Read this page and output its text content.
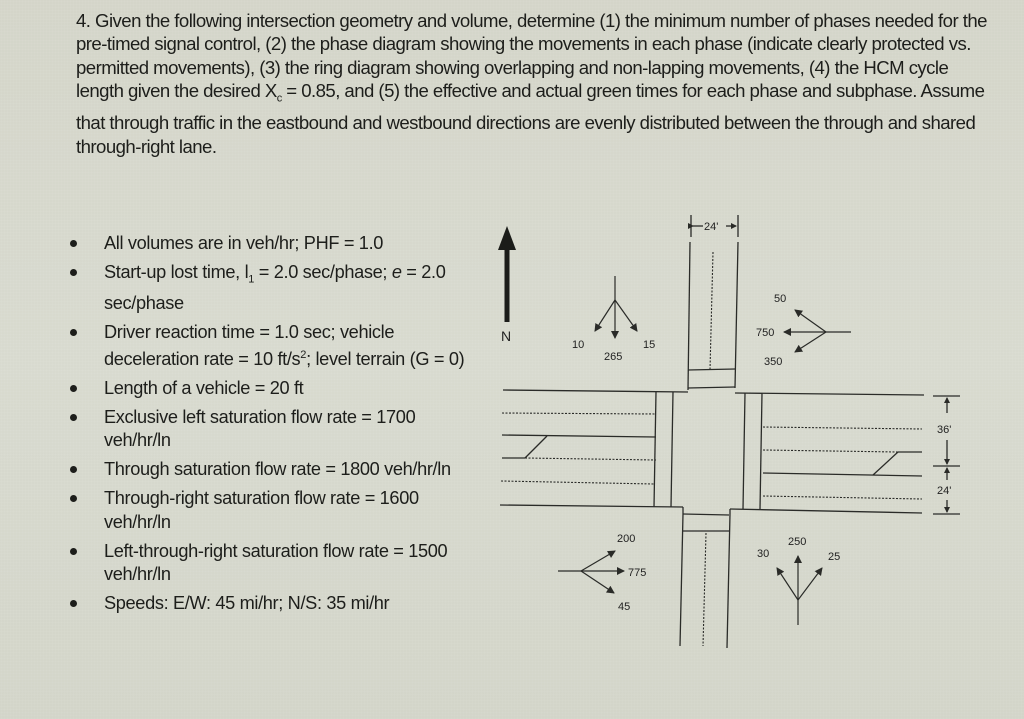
4. Given the following intersection geometry and volume, determine (1) the minimum number of phases needed for the pre-timed signal control, (2) the phase diagram showing the movements in each phase (indicate clearly protected vs. permitted movements), (3) the ring diagram showing overlapping and non-lapping movements, (4) the HCM cycle length given the desired $X_c = 0.85$, and (5) the effective and actual green times for each phase and subphase. Assume that through traffic in the eastbound and westbound directions are evenly distributed between the through and shared through-right lane.

All volumes are in veh/hr; PHF = 1.0
Start-up lost time, $l_1 = 2.0$ sec/phase; e = 2.0 sec/phase
Driver reaction time = 1.0 sec; vehicle deceleration rate = 10 $ft/s^2$; level terrain (G = 0)
Length of a vehicle = 20 ft
Exclusive left saturation flow rate = 1700 veh/hr/ln
Through saturation flow rate = 1800 veh/hr/ln
Through-right saturation flow rate = 1600 veh/hr/ln
Left-through-right saturation flow rate = 1500 veh/hr/ln
Speeds: E/W: 45 mi/hr; N/S: 35 mi/hr
N
24'
36'
24'
10
265
15
50
750
350
200
775
45
30
250
25
